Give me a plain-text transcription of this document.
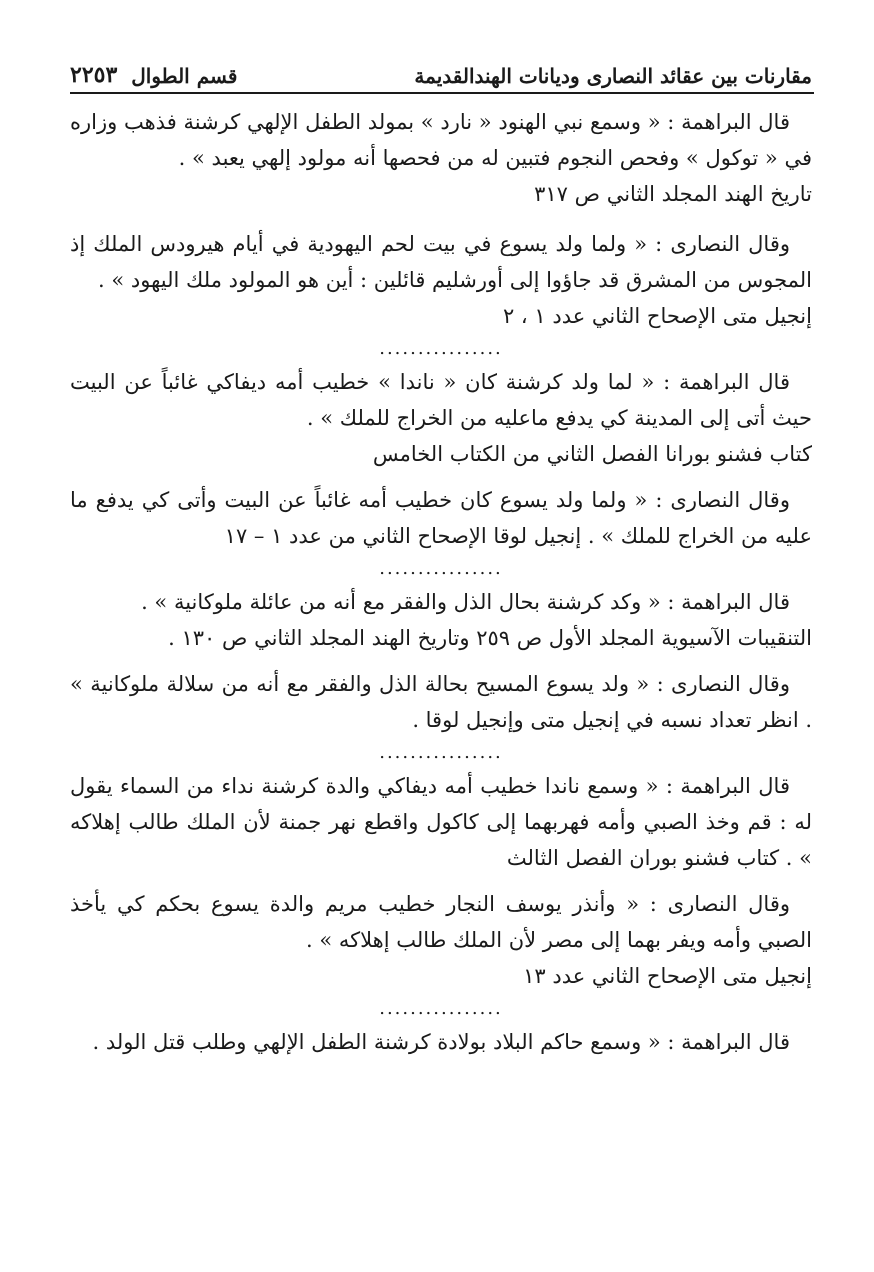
مقارنات بين عقائد النصارى وديانات الهندالقديمة
قسم الطوال
٢٢٥٣

قال البراهمة : « وسمع نبي الهنود « نارد » بمولد الطفل الإلهي كرشنة فذهب وزاره في « توكول » وفحص النجوم فتبين له من فحصها أنه مولود إلهي يعبد » .

تاريخ الهند المجلد الثاني ص ٣١٧

وقال النصارى : « ولما ولد يسوع في بيت لحم اليهودية في أيام هيرودس الملك إذ المجوس من المشرق قد جاؤوا إلى أورشليم قائلين : أين هو المولود ملك اليهود » .

إنجيل متى الإصحاح الثاني عدد ١ ، ٢

................

قال البراهمة : « لما ولد كرشنة كان « ناندا » خطيب أمه ديفاكي غائباً عن البيت حيث أتى إلى المدينة كي يدفع ماعليه من الخراج للملك » .

كتاب فشنو بورانا الفصل الثاني من الكتاب الخامس

وقال النصارى : « ولما ولد يسوع كان خطيب أمه غائباً عن البيت وأتى كي يدفع ما عليه من الخراج للملك » . إنجيل لوقا الإصحاح الثاني من عدد ١ – ١٧

................

قال البراهمة : « وكد كرشنة بحال الذل والفقر مع أنه من عائلة ملوكانية » .

التنقيبات الآسيوية المجلد الأول ص ٢٥٩ وتاريخ الهند المجلد الثاني ص ١٣٠ .

وقال النصارى : « ولد يسوع المسيح بحالة الذل والفقر مع أنه من سلالة ملوكانية » . انظر تعداد نسبه في إنجيل متى وإنجيل لوقا .

................

قال البراهمة : « وسمع ناندا خطيب أمه ديفاكي والدة كرشنة نداء من السماء يقول له : قم وخذ الصبي وأمه فهربهما إلى كاكول واقطع نهر جمنة لأن الملك طالب إهلاكه » . كتاب فشنو بوران الفصل الثالث

وقال النصارى : « وأنذر يوسف النجار خطيب مريم والدة يسوع بحكم كي يأخذ الصبي وأمه ويفر بهما إلى مصر لأن الملك طالب إهلاكه » .

إنجيل متى الإصحاح الثاني عدد ١٣

................

قال البراهمة : « وسمع حاكم البلاد بولادة كرشنة الطفل الإلهي وطلب قتل الولد .
